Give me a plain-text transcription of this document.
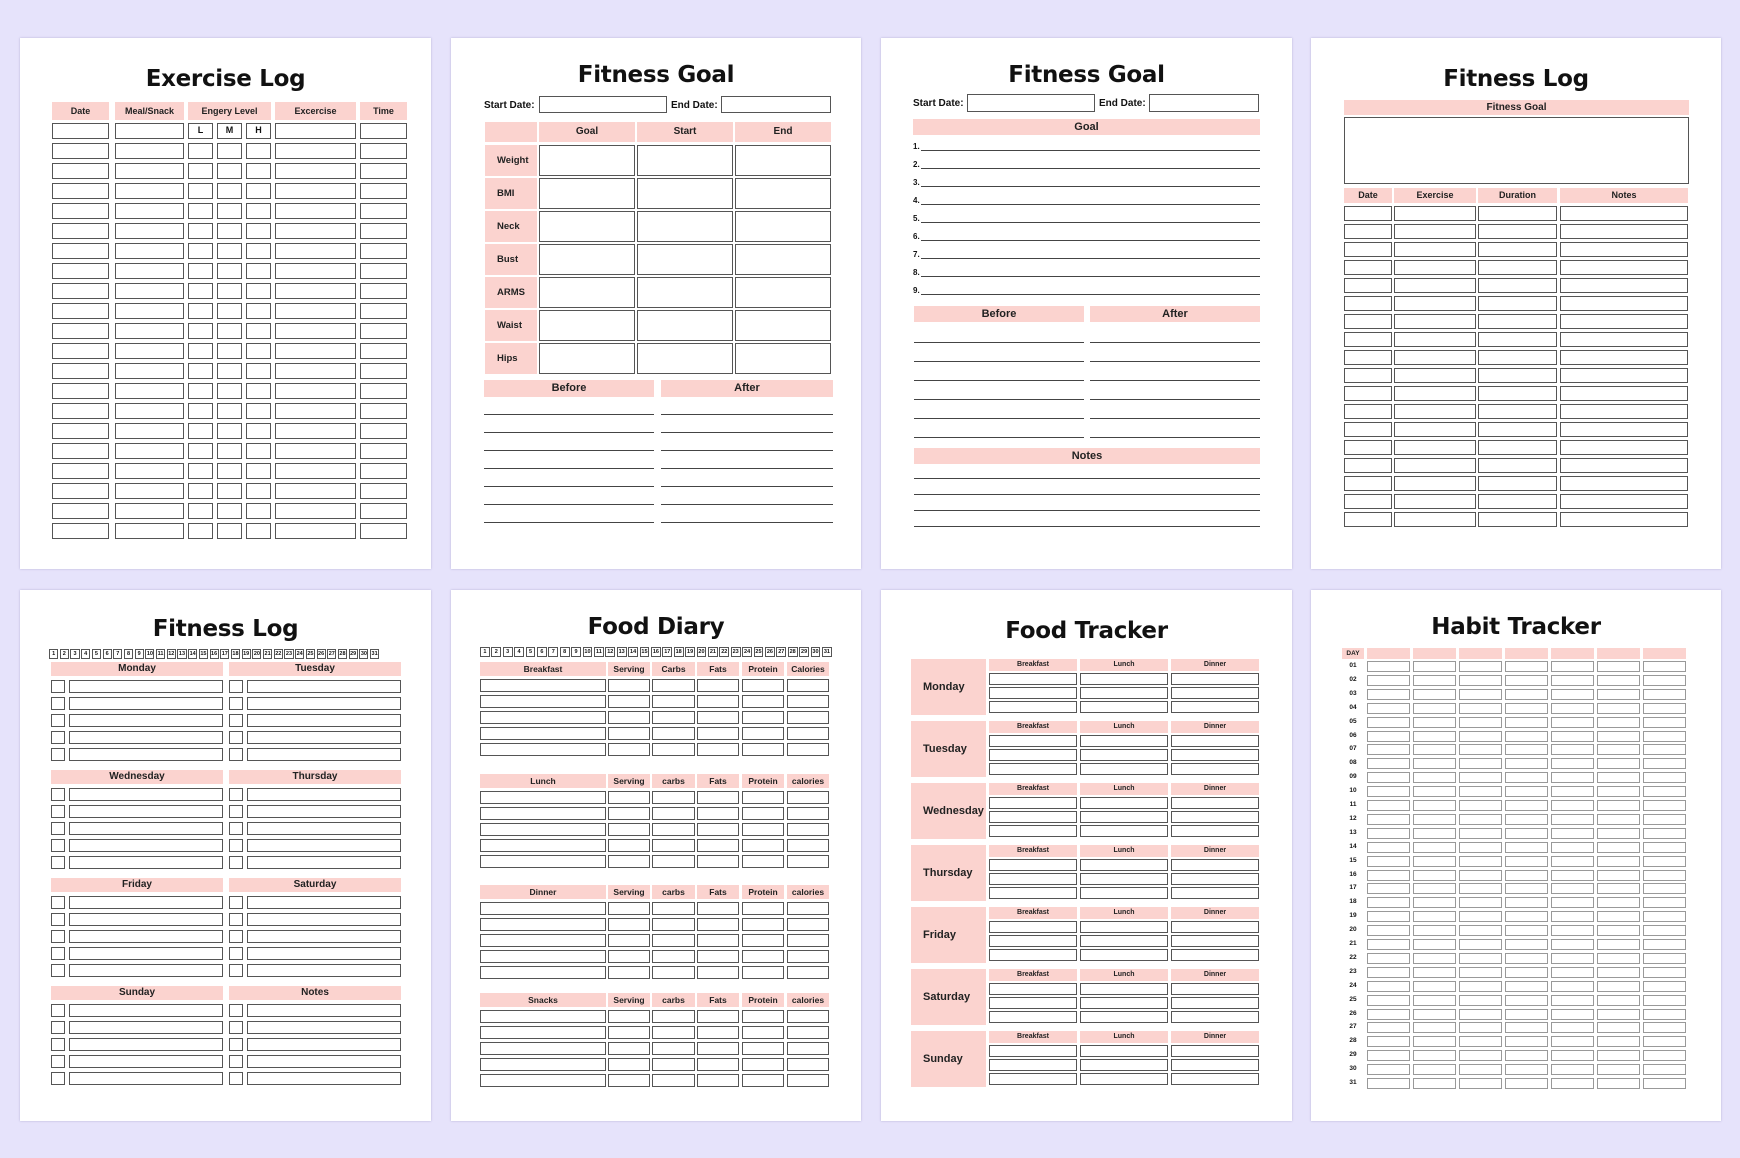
Exercise Log
Date	Meal/Snack	Engery Level	Excercise	Time
L	M	H
Fitness Goal
Start Date:	End Date:
Goal	Start	End
Weight
BMI
Neck
Bust
ARMS
Waist
Hips
Before	After
Fitness Goal
Start Date:	End Date:
Goal
1.
2.
3.
4.
5.
6.
7.
8.
9.
Before	After
Notes
Fitness Log
Fitness Goal
Date	Exercise	Duration	Notes
Fitness Log
1	2	3	4	5	6	7	8	9	10 11 12 13 14 15 16 17 18 19 20 21 22 23 24 25 26 27 28 29 30 31
Monday	Tuesday
Wednesday	Thursday
Friday	Saturday
Sunday	Notes
Food Diary
1	2	3	4	5	6	7	8	9	10 11 12 13 14 15 16 17 18 19 20 21 22 23 24 25 26 27 28 29 30 31
Breakfast	Serving	Carbs	Fats	Protein	Calories
Lunch	Serving	carbs	Fats	Protein	calories
Dinner	Serving	carbs	Fats	Protein	calories
Snacks	Serving	carbs	Fats	Protein	calories
Food Tracker
Monday
Breakfast	Lunch	Dinner
Tuesday
Breakfast	Lunch	Dinner
Wednesday
Breakfast	Lunch	Dinner
Thursday
Breakfast	Lunch	Dinner
Friday
Breakfast	Lunch	Dinner
Saturday
Breakfast	Lunch	Dinner
Sunday
Breakfast	Lunch	Dinner
Habit Tracker
DAY
01
02
03
04
05
06
07
08
09
10
11
12
13
14
15
16
17
18
19
20
21
22
23
24
25
26
27
28
29
30
31
